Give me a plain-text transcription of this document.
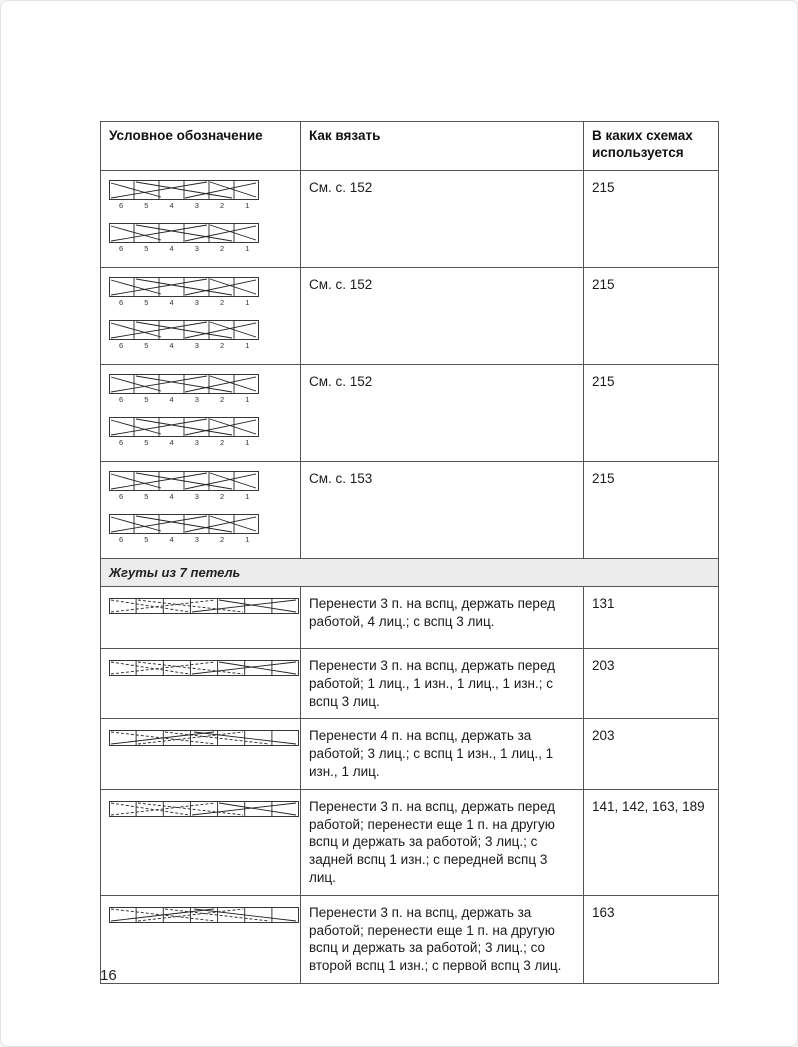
Условное обозначение	Как вязать	В каких схемах используется

6 5 4 3 2 1
6 5 4 3 2 1	См. с. 152	215

6 5 4 3 2 1
6 5 4 3 2 1	См. с. 152	215

6 5 4 3 2 1
6 5 4 3 2 1	См. с. 152	215

6 5 4 3 2 1
6 5 4 3 2 1	См. с. 153	215
Жгуты из 7 петель		

	Перенести 3 п. на вспц, держать перед работой, 4 лиц.; с вспц 3 лиц.	131

	Перенести 3 п. на вспц, держать перед работой; 1 лиц., 1 изн., 1 лиц., 1 изн.; с вспц 3 лиц.	203

	Перенести 4 п. на вспц, держать за работой; 3 лиц.; с вспц 1 изн., 1 лиц., 1 изн., 1 лиц.	203

	Перенести 3 п. на вспц, держать перед работой; перенести еще 1 п. на другую вспц и держать за работой; 3 лиц.; с задней вспц 1 изн.; с передней вспц 3 лиц.	141, 142, 163, 189

	Перенести 3 п. на вспц, держать за работой; перенести еще 1 п. на другую вспц и держать за работой; 3 лиц.; со второй вспц 1 изн.; с первой вспц 3 лиц.	163
16
